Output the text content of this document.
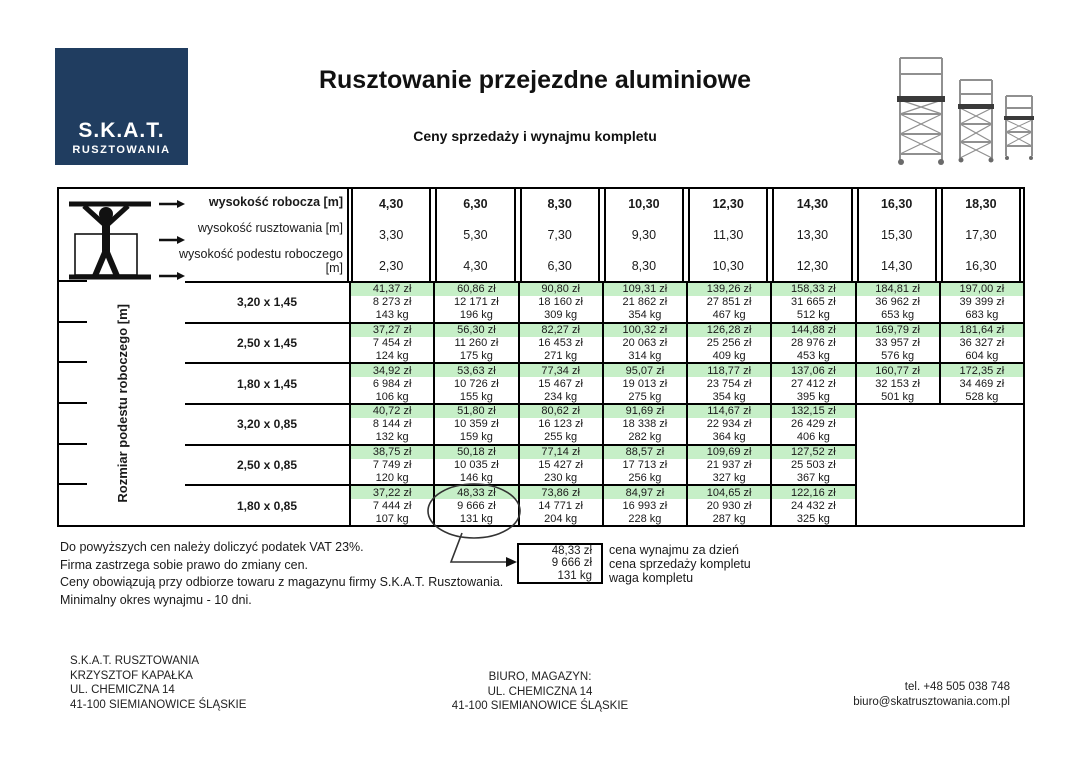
S.K.A.T.
RUSZTOWANIA
Rusztowanie przejezdne aluminiowe
Ceny sprzedaży i wynajmu kompletu
wysokość robocza [m]
wysokość rusztowania [m]
wysokość podestu roboczego [m]
Rozmiar podestu roboczego [m]
4,30
3,30
2,30
6,30
5,30
4,30
8,30
7,30
6,30
10,30
9,30
8,30
12,30
11,30
10,30
14,30
13,30
12,30
16,30
15,30
14,30
18,30
17,30
16,30
3,20 x 1,45
41,37 zł
8 273 zł
143 kg
60,86 zł
12 171 zł
196 kg
90,80 zł
18 160 zł
309 kg
109,31 zł
21 862 zł
354 kg
139,26 zł
27 851 zł
467 kg
158,33 zł
31 665 zł
512 kg
184,81 zł
36 962 zł
653 kg
197,00 zł
39 399 zł
683 kg
2,50 x 1,45
37,27 zł
7 454 zł
124 kg
56,30 zł
11 260 zł
175 kg
82,27 zł
16 453 zł
271 kg
100,32 zł
20 063 zł
314 kg
126,28 zł
25 256 zł
409 kg
144,88 zł
28 976 zł
453 kg
169,79 zł
33 957 zł
576 kg
181,64 zł
36 327 zł
604 kg
1,80 x 1,45
34,92 zł
6 984 zł
106 kg
53,63 zł
10 726 zł
155 kg
77,34 zł
15 467 zł
234 kg
95,07 zł
19 013 zł
275 kg
118,77 zł
23 754 zł
354 kg
137,06 zł
27 412 zł
395 kg
160,77 zł
32 153 zł
501 kg
172,35 zł
34 469 zł
528 kg
3,20 x 0,85
40,72 zł
8 144 zł
132 kg
51,80 zł
10 359 zł
159 kg
80,62 zł
16 123 zł
255 kg
91,69 zł
18 338 zł
282 kg
114,67 zł
22 934 zł
364 kg
132,15 zł
26 429 zł
406 kg
2,50 x 0,85
38,75 zł
7 749 zł
120 kg
50,18 zł
10 035 zł
146 kg
77,14 zł
15 427 zł
230 kg
88,57 zł
17 713 zł
256 kg
109,69 zł
21 937 zł
327 kg
127,52 zł
25 503 zł
367 kg
1,80 x 0,85
37,22 zł
7 444 zł
107 kg
48,33 zł
9 666 zł
131 kg
73,86 zł
14 771 zł
204 kg
84,97 zł
16 993 zł
228 kg
104,65 zł
20 930 zł
287 kg
122,16 zł
24 432 zł
325 kg
Do powyższych cen należy doliczyć podatek VAT 23%.
Firma zastrzega sobie prawo do zmiany cen.
Ceny obowiązują przy odbiorze towaru z magazynu firmy S.K.A.T. Rusztowania.
Minimalny okres wynajmu - 10 dni.
48,33 zł
9 666 zł
131 kg
cena wynajmu za dzień
cena sprzedaży kompletu
waga kompletu
S.K.A.T. RUSZTOWANIA
KRZYSZTOF KAPAŁKA
UL. CHEMICZNA 14
41-100 SIEMIANOWICE ŚLĄSKIE
BIURO, MAGAZYN:
UL. CHEMICZNA 14
41-100 SIEMIANOWICE ŚLĄSKIE
tel. +48 505 038 748
biuro@skatrusztowania.com.pl
